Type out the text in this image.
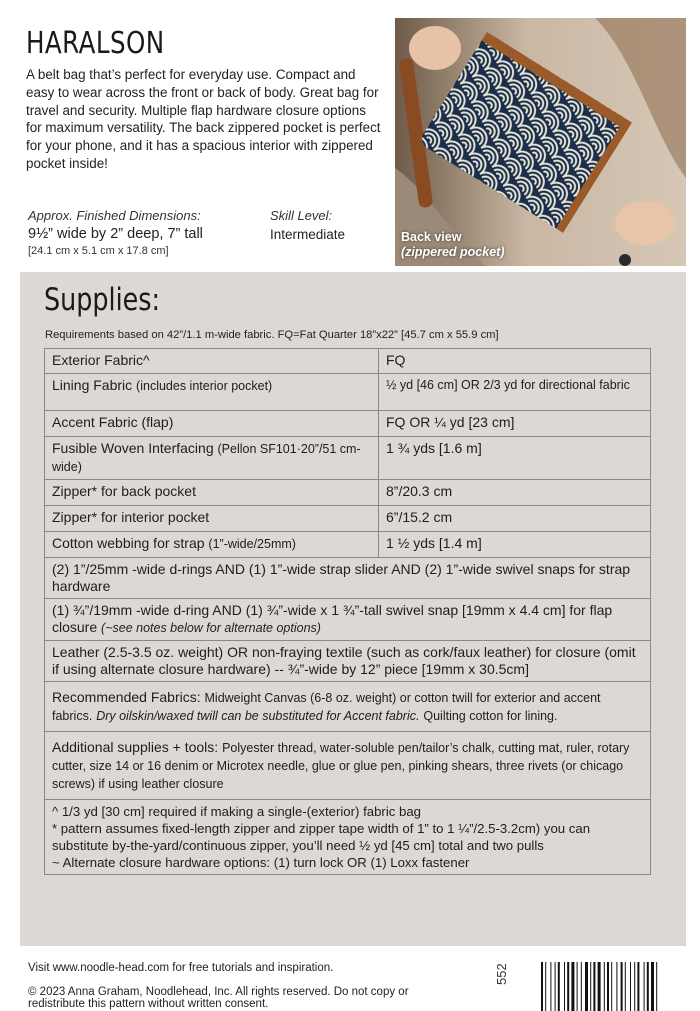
HARALSON
A belt bag that’s perfect for everyday use. Compact and easy to wear across the front or back of body. Great bag for travel and security. Multiple flap hardware closure options for maximum versatility. The back zippered pocket is perfect for your phone, and it has a spacious interior with zippered pocket inside!
Approx. Finished Dimensions:
9½” wide by 2” deep, 7” tall
[24.1 cm x 5.1 cm x 17.8 cm]
Skill Level:
Intermediate	Back view
(zippered pocket)
Supplies:
Requirements based on 42”/1.1 m-wide fabric. FQ=Fat Quarter 18”x22” [45.7 cm x 55.9 cm]
Exterior Fabric^	FQ
Lining Fabric (includes interior pocket)	½ yd [46 cm] OR 2/3 yd for directional fabric
Accent Fabric (flap)	FQ OR ¼ yd [23 cm]
Fusible Woven Interfacing (Pellon SF101·20”/51 cm-wide)	1 ¾ yds [1.6 m]
Zipper* for back pocket	8”/20.3 cm
Zipper* for interior pocket	6”/15.2 cm
Cotton webbing for strap (1”-wide/25mm)	1 ½ yds [1.4 m]
(2) 1”/25mm -wide d-rings AND (1) 1”-wide strap slider AND (2) 1”-wide swivel snaps for strap hardware	
(1) ¾”/19mm -wide d-ring AND (1) ¾”-wide x 1 ¾”-tall swivel snap [19mm x 4.4 cm] for flap closure (~see notes below for alternate options)	
Leather (2.5-3.5 oz. weight) OR non-fraying textile (such as cork/faux leather) for closure (omit if using alternate closure hardware) -- ¾”-wide by 12” piece [19mm x 30.5cm]	
Recommended Fabrics: Midweight Canvas (6-8 oz. weight) or cotton twill for exterior and accent fabrics. Dry oilskin/waxed twill can be substituted for Accent fabric. Quilting cotton for lining.	
Additional supplies + tools: Polyester thread, water-soluble pen/tailor’s chalk, cutting mat, ruler, rotary cutter, size 14 or 16 denim or Microtex needle, glue or glue pen, pinking shears, three rivets (or chicago screws) if using leather closure	

^ 1/3 yd [30 cm] required if making a single-(exterior) fabric bag
* pattern assumes fixed-length zipper and zipper tape width of 1” to 1 ¼”/2.5-3.2cm) you can substitute by-the-yard/continuous zipper, you’ll need ½ yd [45 cm] total and two pulls
~ Alternate closure hardware options: (1) turn lock OR (1) Loxx fastener	
Visit www.noodle-head.com for free tutorials and inspiration.
© 2023 Anna Graham, Noodlehead, Inc. All rights reserved. Do not copy or redistribute this pattern without written consent.
552
